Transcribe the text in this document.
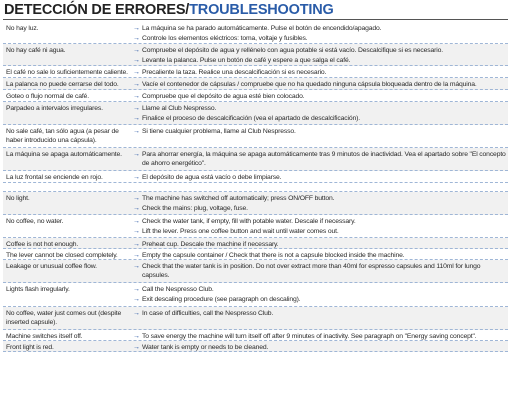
DETECCIÓN DE ERRORES/TROUBLESHOOTING
No hay luz.	→ La máquina se ha parado automáticamente. Pulse el botón de encendido/apagado.
→ Controle los elementos eléctricos: toma, voltaje y fusibles.
No hay café ni agua.	→ Compruebe el depósito de agua y rellénelo con agua potable si está vacío. Descalcifique si es necesario.
→ Levante la palanca. Pulse un botón de café y espere a que salga el café.
El café no sale lo suficientemente caliente. → Precaliente la taza. Realice una descalcificación si es necesario.
La palanca no puede cerrarse del todo.	→ Vacíe el contenedor de cápsulas / compruebe que no ha quedado ninguna cápsula bloqueada dentro de la máquina.
Goteo o flujo normal de café.	→ Compruebe que el depósito de agua esté bien colocado.
Parpadeo a intervalos irregulares.	→ Llame al Club Nespresso.
→ Finalice el proceso de descalcificación (vea el apartado de descalcificación).
No sale café, tan sólo agua (a pesar de haber introducido una cápsula).
→ Si tiene cualquier problema, llame al Club Nespresso.
La máquina se apaga automáticamente.	→ Para ahorrar energía, la máquina se apaga automáticamente tras 9 minutos de inactividad. Vea el apartado sobre "El concepto de ahorro energético".
La luz frontal se enciende en rojo.	→ El depósito de agua está vacío o debe limpiarse.
No light.	→ The machine has switched off automatically; press ON/OFF button.
→ Check the mains: plug, voltage, fuse.
No coffee, no water.	→ Check the water tank, if empty, fill with potable water. Descale if necessary.
→ Lift the lever. Press one coffee button and wait until water comes out.
Coffee is not hot enough.	→ Preheat cup. Descale the machine if necessary.
The lever cannot be closed completely.	→ Empty the capsule container / Check that there is not a capsule blocked inside the machine.
Leakage or unusual coffee flow.	→ Check that the water tank is in position. Do not over extract more than 40ml for espresso capsules and 110ml for lungo capsules.
Lights flash irregularly.	→ Call the Nespresso Club.
→ Exit descaling procedure (see paragraph on descaling).
No coffee, water just comes out (despite inserted capsule).
→ In case of difficulties, call the Nespresso Club.
Machine switches itself off.	→ To save energy the machine will turn itself off after 9 minutes of inactivity. See paragraph on "Energy saving concept".
Front light is red.	→ Water tank is empty or needs to be cleaned.
